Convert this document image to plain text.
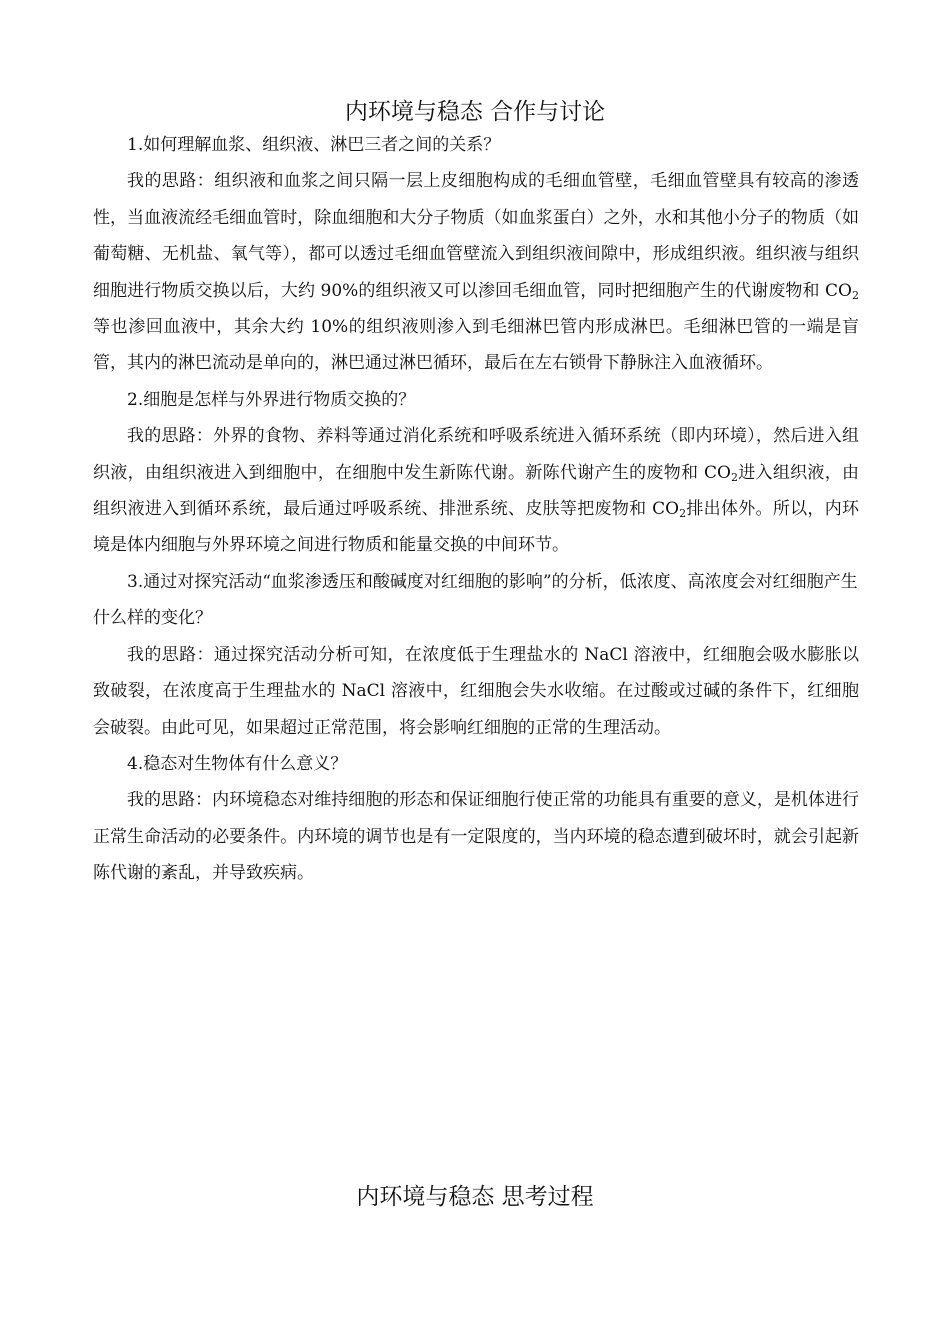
内环境与稳态 合作与讨论

1.如何理解血浆、组织液、淋巴三者之间的关系？

我的思路：组织液和血浆之间只隔一层上皮细胞构成的毛细血管壁，毛细血管壁具有较高的渗透性，当血液流经毛细血管时，除血细胞和大分子物质（如血浆蛋白）之外，水和其他小分子的物质（如葡萄糖、无机盐、氧气等），都可以透过毛细血管壁流入到组织液间隙中，形成组织液。组织液与组织细胞进行物质交换以后，大约 90%的组织液又可以渗回毛细血管，同时把细胞产生的代谢废物和 $CO_2$等也渗回血液中，其余大约 10%的组织液则渗入到毛细淋巴管内形成淋巴。毛细淋巴管的一端是盲管，其内的淋巴流动是单向的，淋巴通过淋巴循环，最后在左右锁骨下静脉注入血液循环。

2.细胞是怎样与外界进行物质交换的？

我的思路：外界的食物、养料等通过消化系统和呼吸系统进入循环系统（即内环境），然后进入组织液，由组织液进入到细胞中，在细胞中发生新陈代谢。新陈代谢产生的废物和 $CO_2$进入组织液，由组织液进入到循环系统，最后通过呼吸系统、排泄系统、皮肤等把废物和 $CO_2$排出体外。所以，内环境是体内细胞与外界环境之间进行物质和能量交换的中间环节。

3.通过对探究活动“血浆渗透压和酸碱度对红细胞的影响”的分析，低浓度、高浓度会对红细胞产生什么样的变化？

我的思路：通过探究活动分析可知，在浓度低于生理盐水的 NaCl 溶液中，红细胞会吸水膨胀以致破裂，在浓度高于生理盐水的 NaCl 溶液中，红细胞会失水收缩。在过酸或过碱的条件下，红细胞会破裂。由此可见，如果超过正常范围，将会影响红细胞的正常的生理活动。

4.稳态对生物体有什么意义？

我的思路：内环境稳态对维持细胞的形态和保证细胞行使正常的功能具有重要的意义，是机体进行正常生命活动的必要条件。内环境的调节也是有一定限度的，当内环境的稳态遭到破坏时，就会引起新陈代谢的紊乱，并导致疾病。

内环境与稳态 思考过程
